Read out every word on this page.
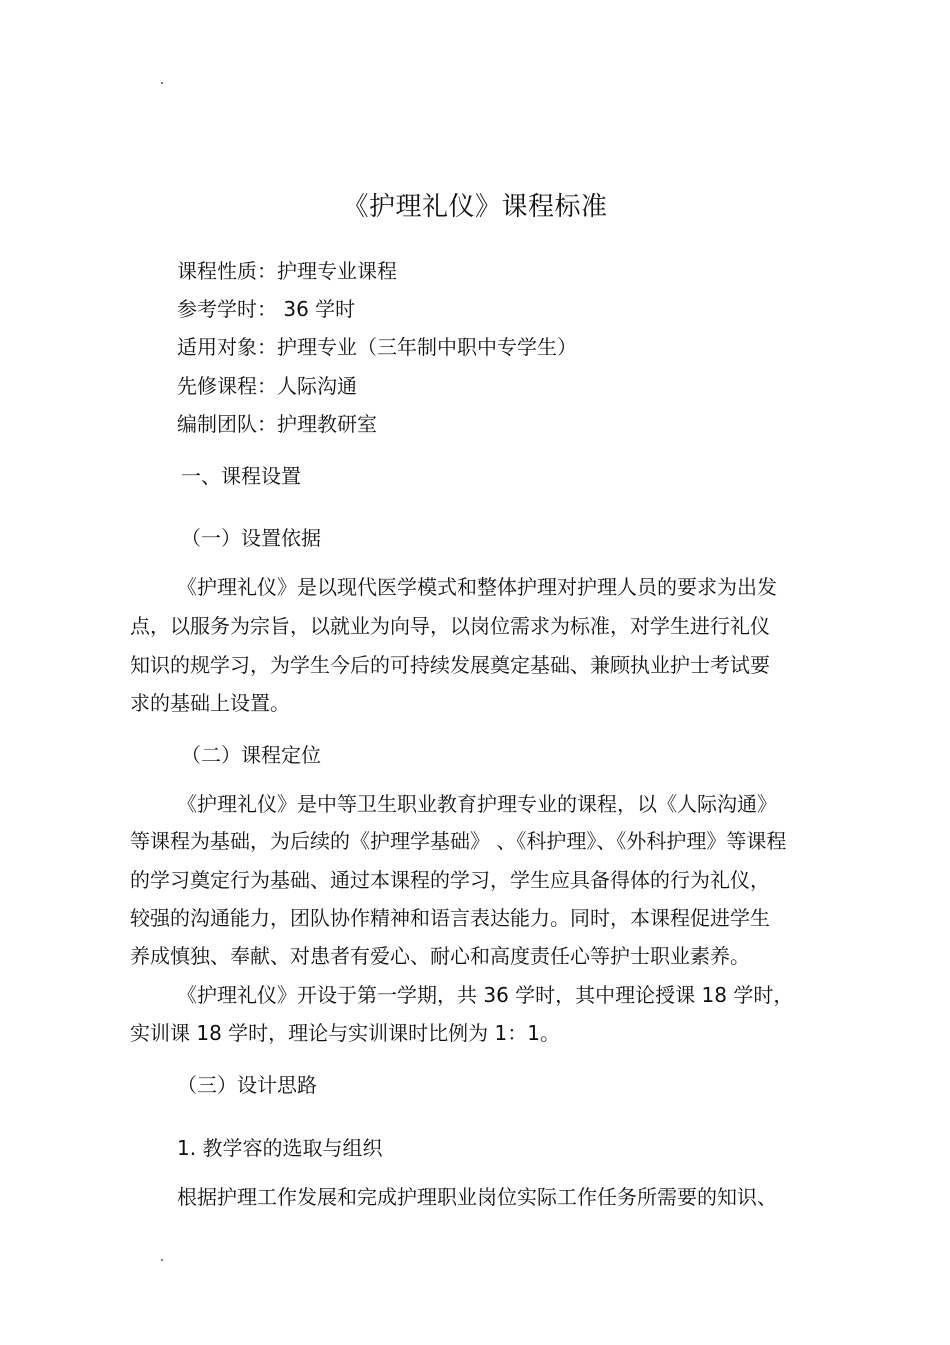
《护理礼仪》课程标准
课程性质：护理专业课程
参考学时： 36 学时
适用对象：护理专业（三年制中职中专学生）
先修课程：人际沟通
编制团队：护理教研室
一、课程设置
（一）设置依据
《护理礼仪》是以现代医学模式和整体护理对护理人员的要求为出发
点，以服务为宗旨，以就业为向导，以岗位需求为标准，对学生进行礼仪
知识的规学习，为学生今后的可持续发展奠定基础、兼顾执业护士考试要
求的基础上设置。
（二）课程定位
《护理礼仪》是中等卫生职业教育护理专业的课程，以《人际沟通》
等课程为基础，为后续的《护理学基础》 、《科护理》、《外科护理》等课程
的学习奠定行为基础、通过本课程的学习，学生应具备得体的行为礼仪，
较强的沟通能力，团队协作精神和语言表达能力。同时，本课程促进学生
养成慎独、奉献、对患者有爱心、耐心和高度责任心等护士职业素养。
《护理礼仪》开设于第一学期，共 36 学时，其中理论授课 18 学时，
实训课 18 学时，理论与实训课时比例为 1：1。
（三）设计思路
1. 教学容的选取与组织
根据护理工作发展和完成护理职业岗位实际工作任务所需要的知识、
